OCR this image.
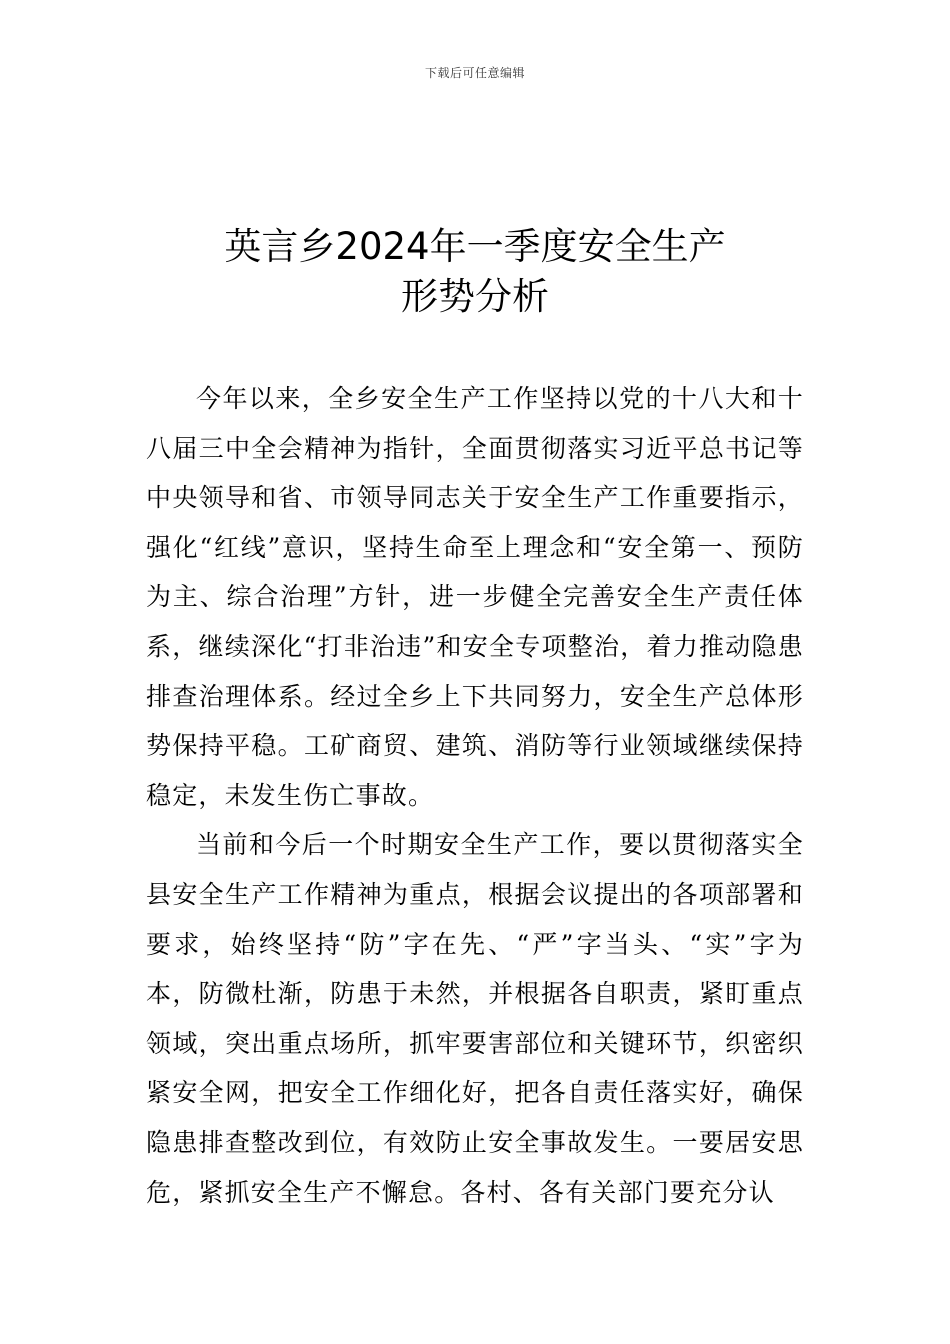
下载后可任意编辑
英言乡2024年一季度安全生产
形势分析

今年以来，全乡安全生产工作坚持以党的十八大和十八届三中全会精神为指针，全面贯彻落实习近平总书记等中央领导和省、市领导同志关于安全生产工作重要指示，强化“红线”意识，坚持生命至上理念和“安全第一、预防为主、综合治理”方针，进一步健全完善安全生产责任体系，继续深化“打非治违”和安全专项整治，着力推动隐患排查治理体系。经过全乡上下共同努力，安全生产总体形势保持平稳。工矿商贸、建筑、消防等行业领域继续保持稳定，未发生伤亡事故。

当前和今后一个时期安全生产工作，要以贯彻落实全县安全生产工作精神为重点，根据会议提出的各项部署和要求，始终坚持“防”字在先、“严”字当头、“实”字为本，防微杜渐，防患于未然，并根据各自职责，紧盯重点领域，突出重点场所，抓牢要害部位和关键环节，织密织紧安全网，把安全工作细化好，把各自责任落实好，确保隐患排查整改到位，有效防止安全事故发生。一要居安思危，紧抓安全生产不懈怠。各村、各有关部门要充分认
